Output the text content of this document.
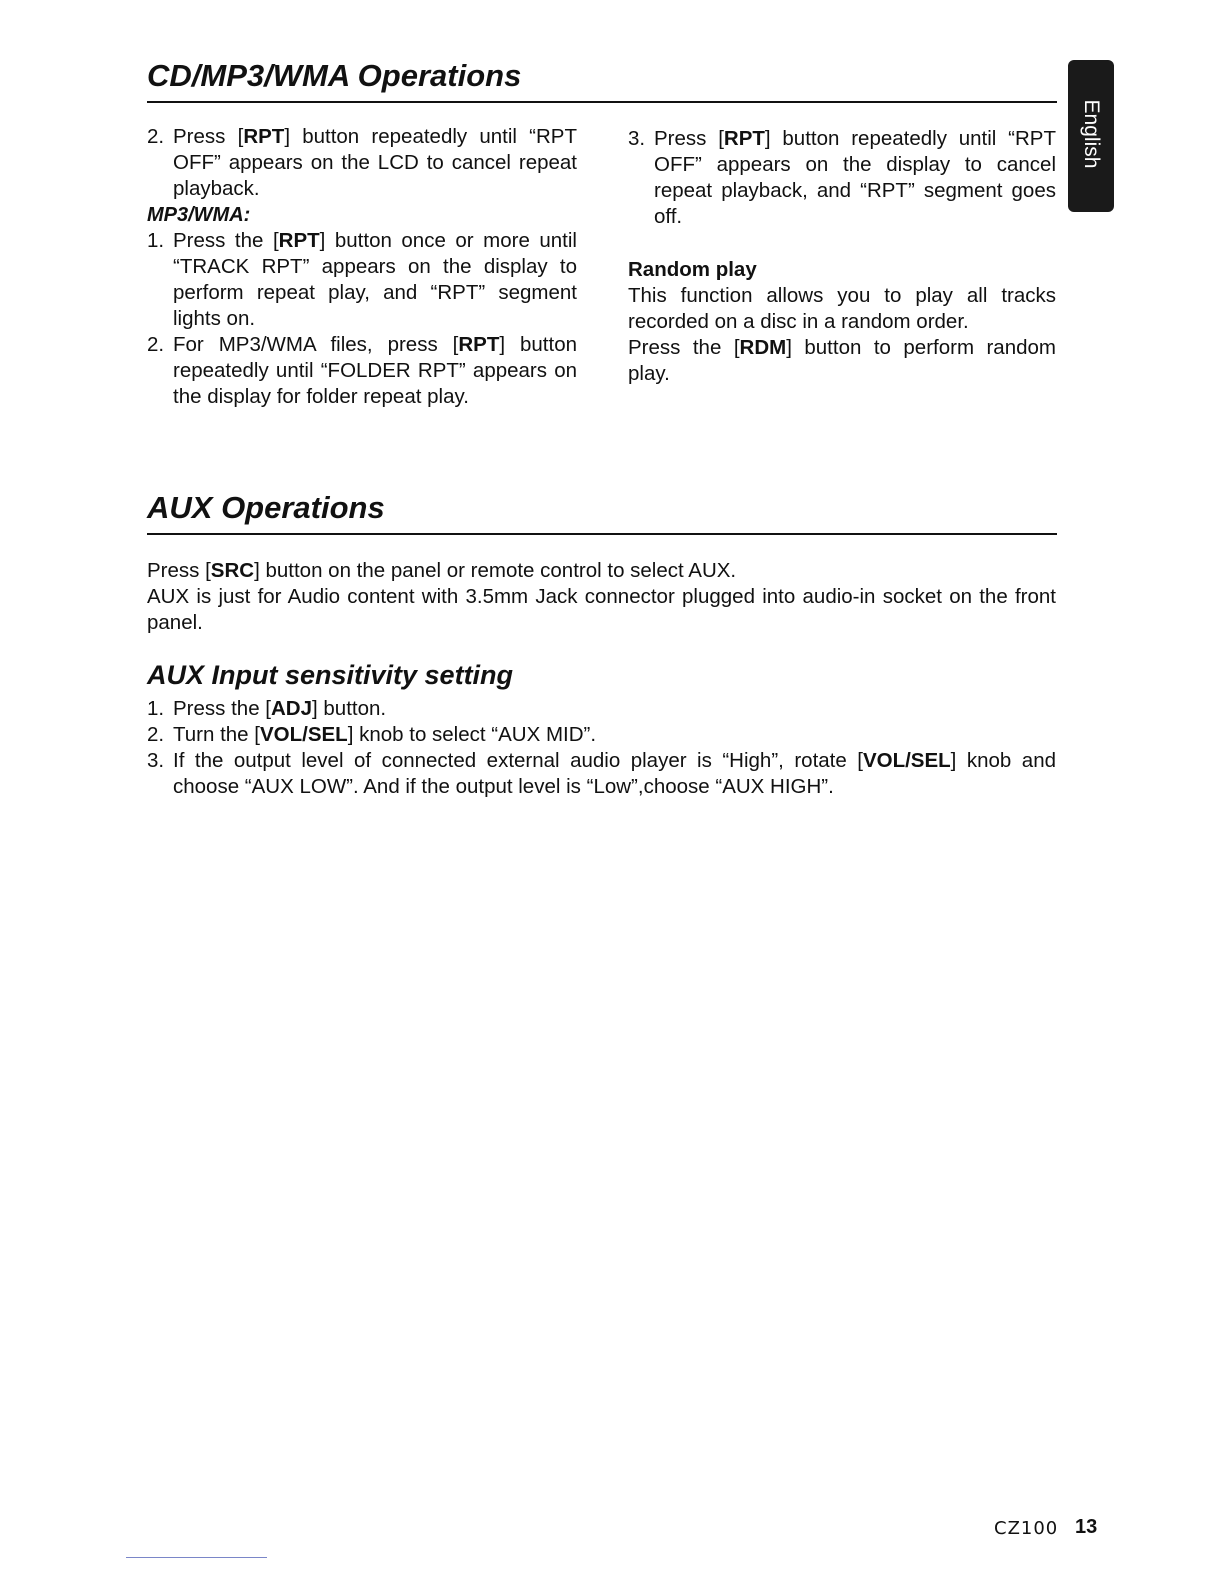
CD/MP3/WMA Operations
English
2. Press [RPT] button repeatedly until “RPT OFF” appears on the LCD to cancel repeat playback.

MP3/WMA:
1. Press the [RPT] button once or more until “TRACK RPT” appears on the display to perform repeat play, and “RPT” segment lights on.

2. For MP3/WMA files, press [RPT] button repeatedly until “FOLDER RPT” appears on the display for folder repeat play.

3. Press [RPT] button repeatedly until “RPT OFF” appears on the display to cancel repeat playback, and “RPT” segment goes off.

Random play

This function allows you to play all tracks recorded on a disc in a random order.

Press the [RDM] button to perform random play.

AUX Operations

Press [SRC] button on the panel or remote control to select AUX.

AUX is just for Audio content with 3.5mm Jack connector plugged into audio-in socket on the front panel.

AUX Input sensitivity setting
1. Press the [ADJ] button.

2. Turn the [VOL/SEL] knob to select “AUX MID”.

3. If the output level of connected external audio player is “High”, rotate [VOL/SEL] knob and choose “AUX LOW”. And if the output level is “Low”,choose “AUX HIGH”.

CZ100 13
